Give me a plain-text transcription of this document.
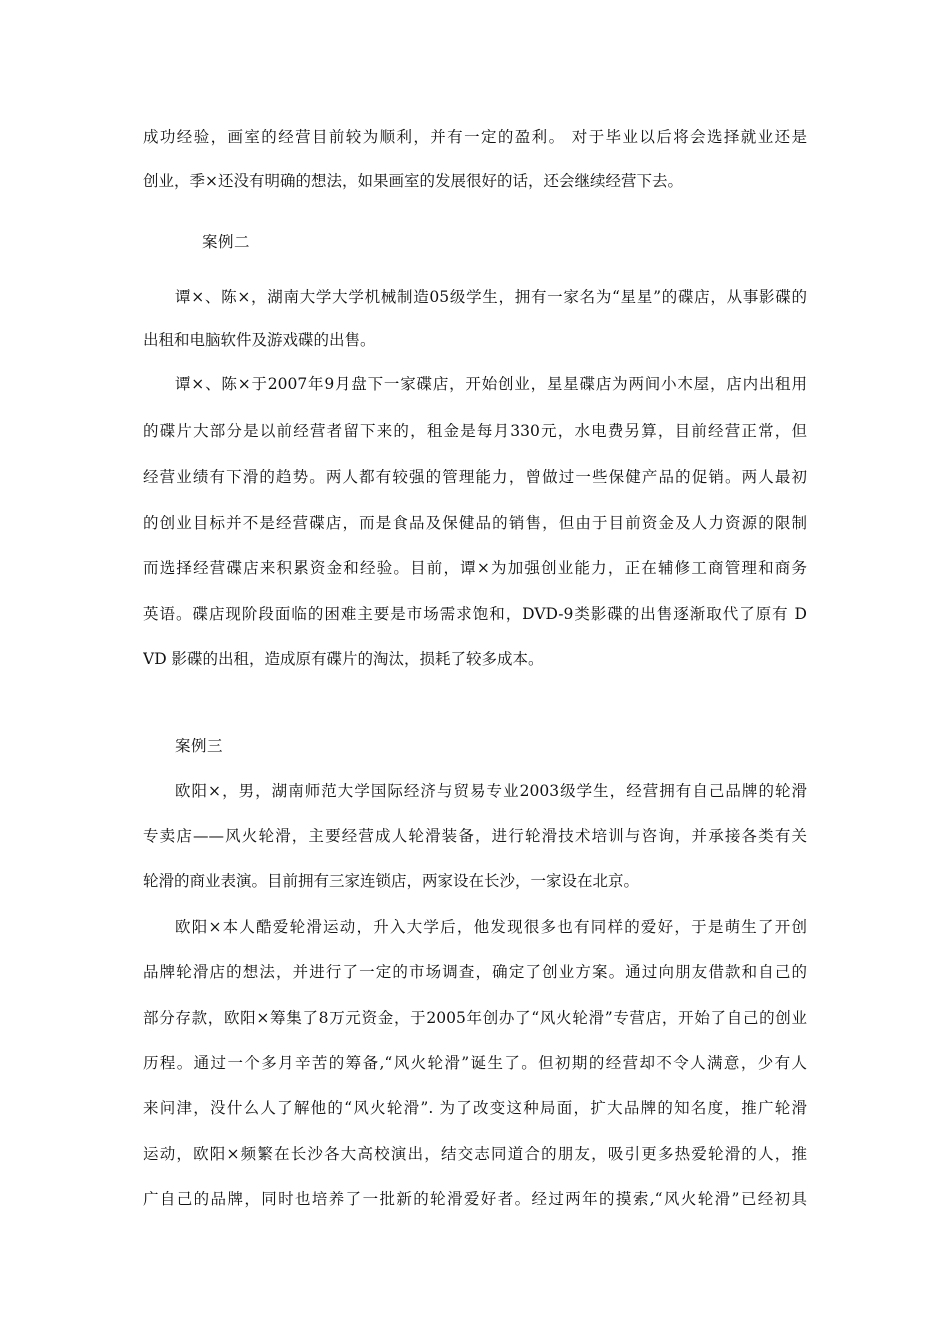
成功经验，画室的经营目前较为顺利，并有一定的盈利。 对于毕业以后将会选择就业还是
创业，季×还没有明确的想法，如果画室的发展很好的话，还会继续经营下去。
案例二
谭×、陈×，湖南大学大学机械制造05级学生，拥有一家名为“星星”的碟店，从事影碟的
出租和电脑软件及游戏碟的出售。
谭×、陈×于2007年9月盘下一家碟店，开始创业，星星碟店为两间小木屋，店内出租用
的碟片大部分是以前经营者留下来的，租金是每月330元，水电费另算，目前经营正常，但
经营业绩有下滑的趋势。两人都有较强的管理能力，曾做过一些保健产品的促销。两人最初
的创业目标并不是经营碟店，而是食品及保健品的销售，但由于目前资金及人力资源的限制
而选择经营碟店来积累资金和经验。目前，谭×为加强创业能力，正在辅修工商管理和商务
英语。碟店现阶段面临的困难主要是市场需求饱和，DVD-9类影碟的出售逐渐取代了原有 D
VD 影碟的出租，造成原有碟片的淘汰，损耗了较多成本。
案例三
欧阳×，男，湖南师范大学国际经济与贸易专业2003级学生，经营拥有自己品牌的轮滑
专卖店——风火轮滑，主要经营成人轮滑装备，进行轮滑技术培训与咨询，并承接各类有关
轮滑的商业表演。目前拥有三家连锁店，两家设在长沙，一家设在北京。
欧阳×本人酷爱轮滑运动，升入大学后，他发现很多也有同样的爱好，于是萌生了开创
品牌轮滑店的想法，并进行了一定的市场调查，确定了创业方案。通过向朋友借款和自己的
部分存款，欧阳×筹集了8万元资金，于2005年创办了“风火轮滑”专营店，开始了自己的创业
历程。通过一个多月辛苦的筹备,“风火轮滑”诞生了。但初期的经营却不令人满意，少有人
来问津，没什么人了解他的“风火轮滑”. 为了改变这种局面，扩大品牌的知名度，推广轮滑
运动，欧阳×频繁在长沙各大高校演出，结交志同道合的朋友，吸引更多热爱轮滑的人，推
广自己的品牌，同时也培养了一批新的轮滑爱好者。经过两年的摸索,“风火轮滑”已经初具
